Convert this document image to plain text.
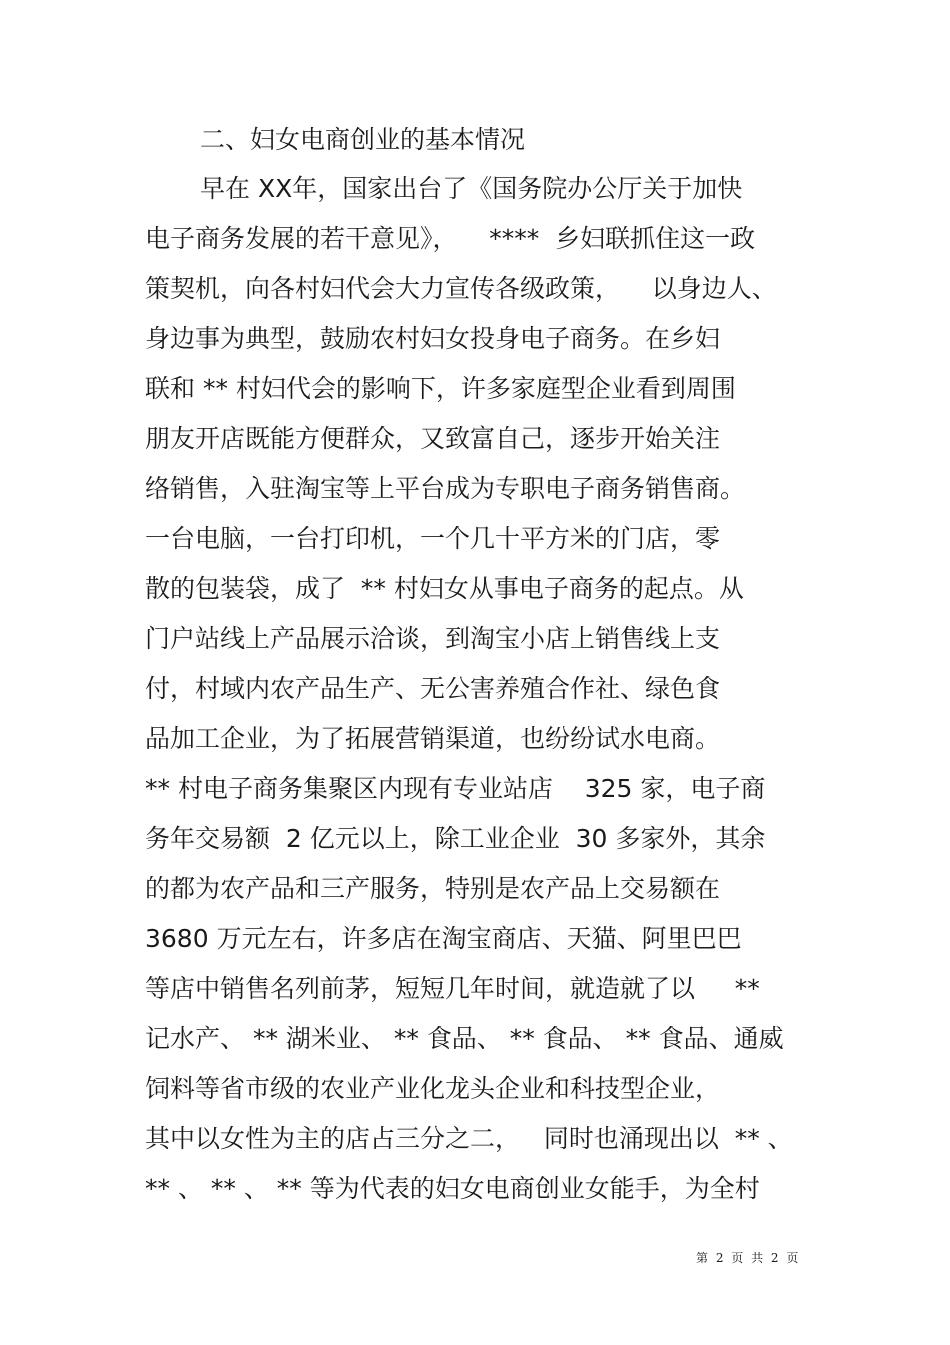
二、妇女电商创业的基本情况
早在 XX年，国家出台了《国务院办公厅关于加快
电子商务发展的若干意见》，    ****  乡妇联抓住这一政
策契机，向各村妇代会大力宣传各级政策，    以身边人、
身边事为典型，鼓励农村妇女投身电子商务。在乡妇
联和 ** 村妇代会的影响下，许多家庭型企业看到周围
朋友开店既能方便群众，又致富自己，逐步开始关注
络销售，入驻淘宝等上平台成为专职电子商务销售商。
一台电脑，一台打印机，一个几十平方米的门店，零
散的包装袋，成了  ** 村妇女从事电子商务的起点。从
门户站线上产品展示洽谈，到淘宝小店上销售线上支
付，村域内农产品生产、无公害养殖合作社、绿色食
品加工企业，为了拓展营销渠道，也纷纷试水电商。
** 村电子商务集聚区内现有专业站店    325 家，电子商
务年交易额  2 亿元以上，除工业企业  30 多家外，其余
的都为农产品和三产服务，特别是农产品上交易额在
3680 万元左右，许多店在淘宝商店、天猫、阿里巴巴
等店中销售名列前茅，短短几年时间，就造就了以     **
记水产、 ** 湖米业、 ** 食品、 ** 食品、 ** 食品、通威
饲料等省市级的农业产业化龙头企业和科技型企业，
其中以女性为主的店占三分之二，   同时也涌现出以  ** 、
** 、 ** 、 ** 等为代表的妇女电商创业女能手，为全村
第 2 页 共 2 页
